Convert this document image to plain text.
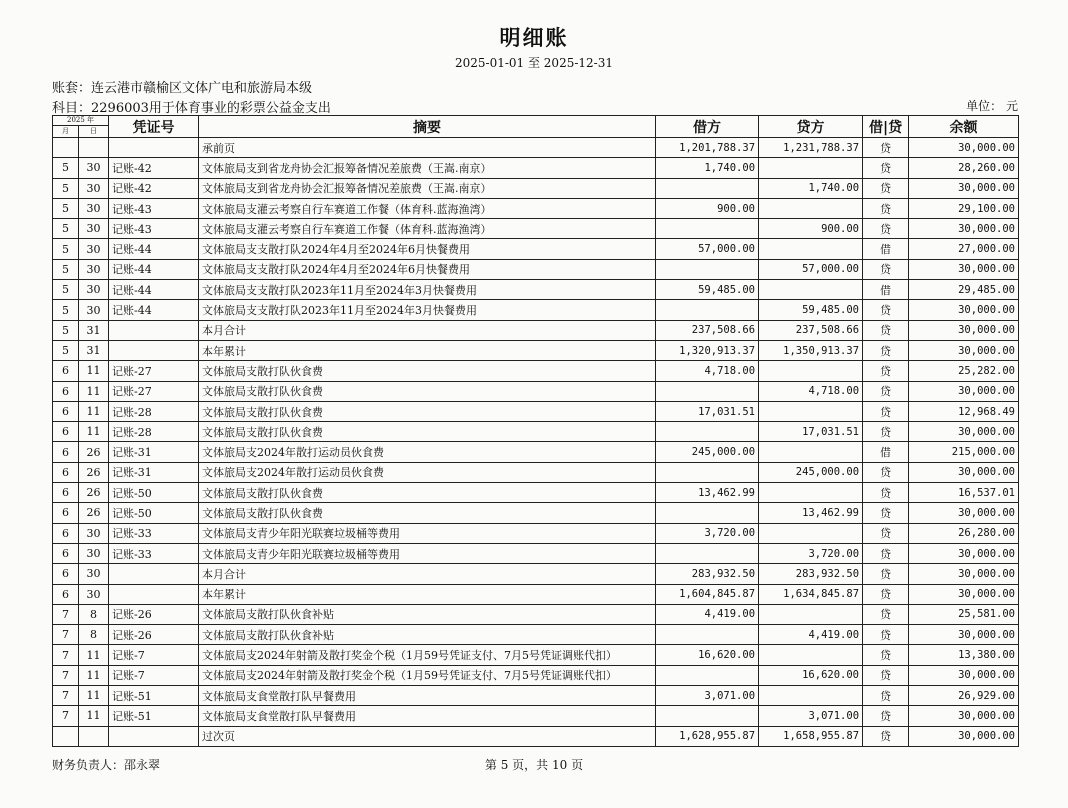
明细账
2025-01-01 至 2025-12-31
账套：连云港市赣榆区文体广电和旅游局本级
科目：2296003用于体育事业的彩票公益金支出	单位： 元
2025 年		凭证号	摘要	借方	贷方	借|贷	余额
月	日						
			承前页	1,201,788.37	1,231,788.37	贷	30,000.00
5	30	记账-42	文体旅局支到省龙舟协会汇报筹备情况差旅费（王嵩.南京）	1,740.00		贷	28,260.00
5	30	记账-42	文体旅局支到省龙舟协会汇报筹备情况差旅费（王嵩.南京）		1,740.00	贷	30,000.00
5	30	记账-43	文体旅局支灌云考察自行车赛道工作餐（体育科.蓝海渔湾）	900.00		贷	29,100.00
5	30	记账-43	文体旅局支灌云考察自行车赛道工作餐（体育科.蓝海渔湾）		900.00	贷	30,000.00
5	30	记账-44	文体旅局支支散打队2024年4月至2024年6月快餐费用	57,000.00		借	27,000.00
5	30	记账-44	文体旅局支支散打队2024年4月至2024年6月快餐费用		57,000.00	贷	30,000.00
5	30	记账-44	文体旅局支支散打队2023年11月至2024年3月快餐费用	59,485.00		借	29,485.00
5	30	记账-44	文体旅局支支散打队2023年11月至2024年3月快餐费用		59,485.00	贷	30,000.00
5	31		本月合计	237,508.66	237,508.66	贷	30,000.00
5	31		本年累计	1,320,913.37	1,350,913.37	贷	30,000.00
6	11	记账-27	文体旅局支散打队伙食费	4,718.00		贷	25,282.00
6	11	记账-27	文体旅局支散打队伙食费		4,718.00	贷	30,000.00
6	11	记账-28	文体旅局支散打队伙食费	17,031.51		贷	12,968.49
6	11	记账-28	文体旅局支散打队伙食费		17,031.51	贷	30,000.00
6	26	记账-31	文体旅局支2024年散打运动员伙食费	245,000.00		借	215,000.00
6	26	记账-31	文体旅局支2024年散打运动员伙食费		245,000.00	贷	30,000.00
6	26	记账-50	文体旅局支散打队伙食费	13,462.99		贷	16,537.01
6	26	记账-50	文体旅局支散打队伙食费		13,462.99	贷	30,000.00
6	30	记账-33	文体旅局支青少年阳光联赛垃圾桶等费用	3,720.00		贷	26,280.00
6	30	记账-33	文体旅局支青少年阳光联赛垃圾桶等费用		3,720.00	贷	30,000.00
6	30		本月合计	283,932.50	283,932.50	贷	30,000.00
6	30		本年累计	1,604,845.87	1,634,845.87	贷	30,000.00
7	8	记账-26	文体旅局支散打队伙食补贴	4,419.00		贷	25,581.00
7	8	记账-26	文体旅局支散打队伙食补贴		4,419.00	贷	30,000.00
7	11	记账-7	文体旅局支2024年射箭及散打奖金个税（1月59号凭证支付、7月5号凭证调账代扣）	16,620.00		贷	13,380.00
7	11	记账-7	文体旅局支2024年射箭及散打奖金个税（1月59号凭证支付、7月5号凭证调账代扣）		16,620.00	贷	30,000.00
7	11	记账-51	文体旅局支食堂散打队早餐费用	3,071.00		贷	26,929.00
7	11	记账-51	文体旅局支食堂散打队早餐费用		3,071.00	贷	30,000.00
			过次页	1,628,955.87	1,658,955.87	贷	30,000.00
财务负责人：邵永翠	第 5 页，共 10 页
